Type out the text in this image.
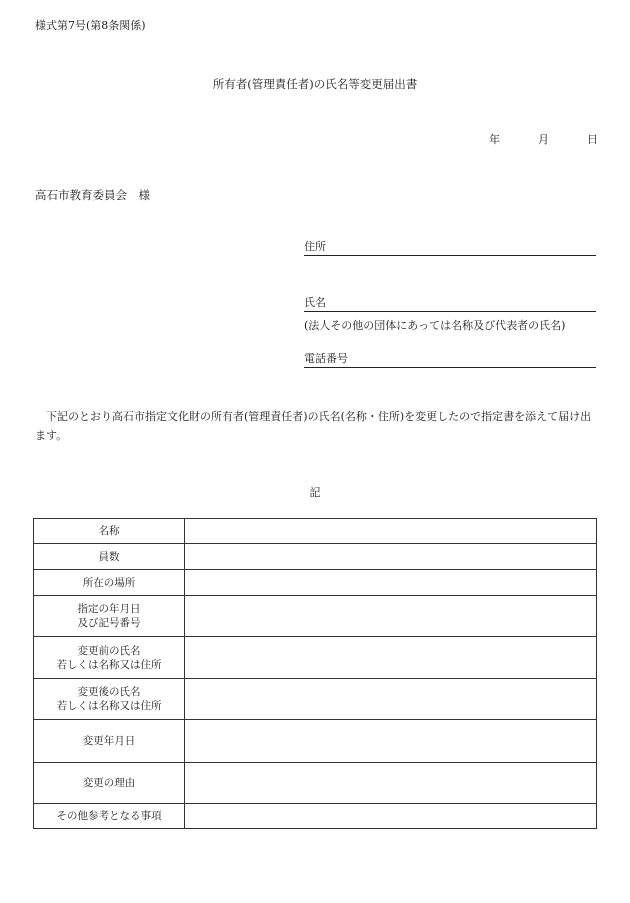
様式第7号(第8条関係)
所有者(管理責任者)の氏名等変更届出書
年	月	日
高石市教育委員会　様
住所
氏名
(法人その他の団体にあっては名称及び代表者の氏名)
電話番号
下記のとおり高石市指定文化財の所有者(管理責任者)の氏名(名称・住所)を変更したので指定書を添えて届け出ます。
記
名称	

員数	

所在の場所	

指定の年月日
及び記号番号	

変更前の氏名
若しくは名称又は住所	

変更後の氏名
若しくは名称又は住所	

変更年月日	

変更の理由	

その他参考となる事項	
